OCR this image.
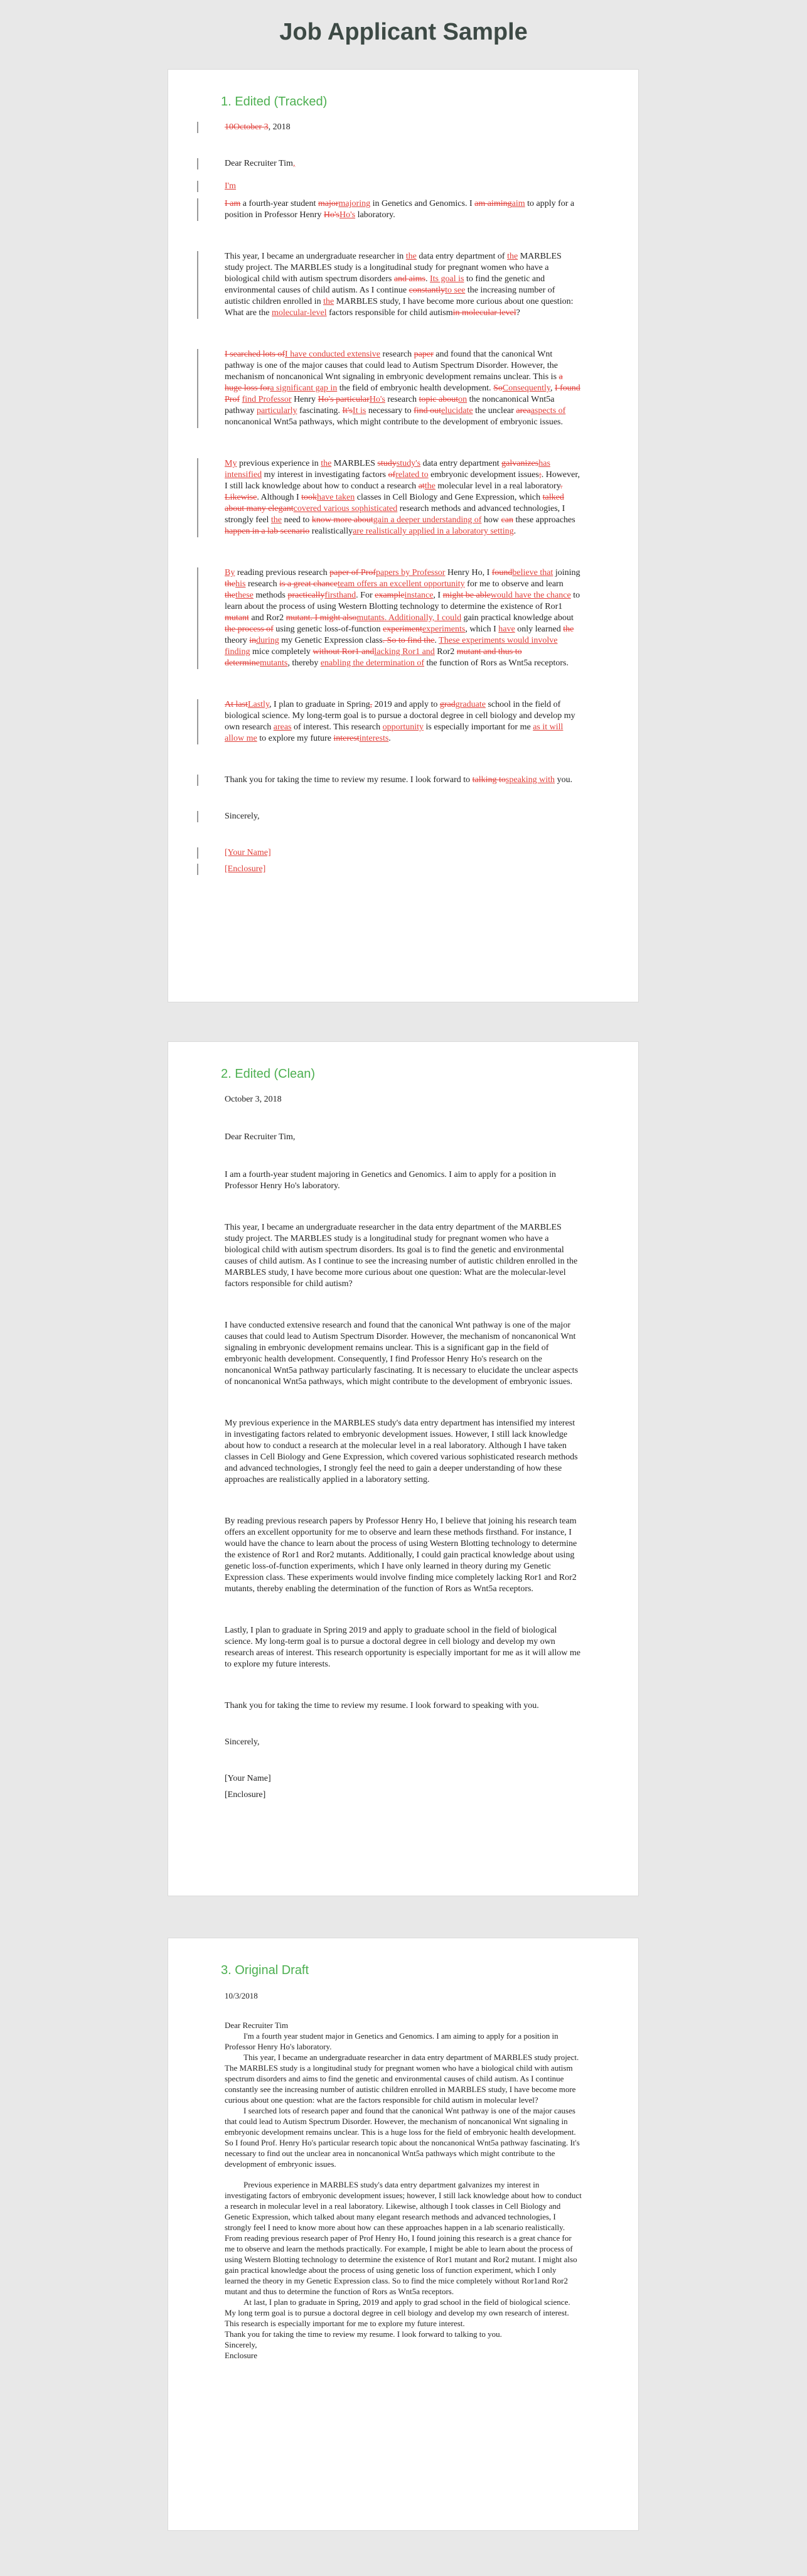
Job Applicant Sample
1. Edited (Tracked)

10October 3, 2018

Dear Recruiter Tim,

I'm

I am a fourth-year student majormajoring in Genetics and Genomics. I am aimingaim to apply for a position in Professor Henry Ho'sHo's laboratory.

This year, I became an undergraduate researcher in the data entry department of the MARBLES study project. The MARBLES study is a longitudinal study for pregnant women who have a biological child with autism spectrum disorders and aims. Its goal is to find the genetic and environmental causes of child autism. As I continue constantlyto see the increasing number of autistic children enrolled in the MARBLES study, I have become more curious about one question: What are the molecular-level factors responsible for child autismin molecular level?

I searched lots ofI have conducted extensive research paper and found that the canonical Wnt pathway is one of the major causes that could lead to Autism Spectrum Disorder. However, the mechanism of noncanonical Wnt signaling in embryonic development remains unclear. This is a huge loss fora significant gap in the field of embryonic health development. SoConsequently, I found Prof find Professor Henry Ho's particularHo's research topic abouton the noncanonical Wnt5a pathway particularly fascinating. It'sIt is necessary to find outelucidate the unclear areaaspects of noncanonical Wnt5a pathways, which might contribute to the development of embryonic issues.

My previous experience in the MARBLES studystudy's data entry department galvanizeshas intensified my interest in investigating factors ofrelated to embryonic development issues;. However, I still lack knowledge about how to conduct a research atthe molecular level in a real laboratory. Likewise. Although I tookhave taken classes in Cell Biology and Gene Expression, which talked about many elegantcovered various sophisticated research methods and advanced technologies, I strongly feel the need to know more aboutgain a deeper understanding of how can these approaches happen in a lab scenario realisticallyare realistically applied in a laboratory setting.

By reading previous research paper of Profpapers by Professor Henry Ho, I foundbelieve that joining thehis research is a great chanceteam offers an excellent opportunity for me to observe and learn thethese methods practicallyfirsthand. For exampleinstance, I might be ablewould have the chance to learn about the process of using Western Blotting technology to determine the existence of Ror1 mutant and Ror2 mutant. I might alsomutants. Additionally, I could gain practical knowledge about the process of using genetic loss-of-function experimentexperiments, which I have only learned the theory induring my Genetic Expression class. So to find the. These experiments would involve finding mice completely without Ror1 andlacking Ror1 and Ror2 mutant and thus to determinemutants, thereby enabling the determination of the function of Rors as Wnt5a receptors.

At lastLastly, I plan to graduate in Spring, 2019 and apply to gradgraduate school in the field of biological science. My long-term goal is to pursue a doctoral degree in cell biology and develop my own research areas of interest. This research opportunity is especially important for me as it will allow me to explore my future interestinterests.

Thank you for taking the time to review my resume. I look forward to talking tospeaking with you.

Sincerely,

[Your Name]

[Enclosure]

2. Edited (Clean)

October 3, 2018

Dear Recruiter Tim,

I am a fourth-year student majoring in Genetics and Genomics. I aim to apply for a position in Professor Henry Ho's laboratory.

This year, I became an undergraduate researcher in the data entry department of the MARBLES study project. The MARBLES study is a longitudinal study for pregnant women who have a biological child with autism spectrum disorders. Its goal is to find the genetic and environmental causes of child autism. As I continue to see the increasing number of autistic children enrolled in the MARBLES study, I have become more curious about one question: What are the molecular-level factors responsible for child autism?

I have conducted extensive research and found that the canonical Wnt pathway is one of the major causes that could lead to Autism Spectrum Disorder. However, the mechanism of noncanonical Wnt signaling in embryonic development remains unclear. This is a significant gap in the field of embryonic health development. Consequently, I find Professor Henry Ho's research on the noncanonical Wnt5a pathway particularly fascinating. It is necessary to elucidate the unclear aspects of noncanonical Wnt5a pathways, which might contribute to the development of embryonic issues.

My previous experience in the MARBLES study's data entry department has intensified my interest in investigating factors related to embryonic development issues. However, I still lack knowledge about how to conduct a research at the molecular level in a real laboratory. Although I have taken classes in Cell Biology and Gene Expression, which covered various sophisticated research methods and advanced technologies, I strongly feel the need to gain a deeper understanding of how these approaches are realistically applied in a laboratory setting.

By reading previous research papers by Professor Henry Ho, I believe that joining his research team offers an excellent opportunity for me to observe and learn these methods firsthand. For instance, I would have the chance to learn about the process of using Western Blotting technology to determine the existence of Ror1 and Ror2 mutants. Additionally, I could gain practical knowledge about using genetic loss-of-function experiments, which I have only learned in theory during my Genetic Expression class. These experiments would involve finding mice completely lacking Ror1 and Ror2 mutants, thereby enabling the determination of the function of Rors as Wnt5a receptors.

Lastly, I plan to graduate in Spring 2019 and apply to graduate school in the field of biological science. My long-term goal is to pursue a doctoral degree in cell biology and develop my own research areas of interest. This research opportunity is especially important for me as it will allow me to explore my future interests.

Thank you for taking the time to review my resume. I look forward to speaking with you.

Sincerely,

[Your Name]

[Enclosure]

3. Original Draft

10/3/2018

Dear Recruiter Tim

I'm a fourth year student major in Genetics and Genomics. I am aiming to apply for a position in Professor Henry Ho's laboratory.

This year, I became an undergraduate researcher in data entry department of MARBLES study project. The MARBLES study is a longitudinal study for pregnant women who have a biological child with autism spectrum disorders and aims to find the genetic and environmental causes of child autism. As I continue constantly see the increasing number of autistic children enrolled in MARBLES study, I have become more curious about one question: what are the factors responsible for child autism in molecular level?

I searched lots of research paper and found that the canonical Wnt pathway is one of the major causes that could lead to Autism Spectrum Disorder. However, the mechanism of noncanonical Wnt signaling in embryonic development remains unclear. This is a huge loss for the field of embryonic health development. So I found Prof. Henry Ho's particular research topic about the noncanonical Wnt5a pathway fascinating. It's necessary to find out the unclear area in noncanonical Wnt5a pathways which might contribute to the development of embryonic issues.

Previous experience in MARBLES study's data entry department galvanizes my interest in investigating factors of embryonic development issues; however, I still lack knowledge about how to conduct a research in molecular level in a real laboratory. Likewise, although I took classes in Cell Biology and Genetic Expression, which talked about many elegant research methods and advanced technologies, I strongly feel I need to know more about how can these approaches happen in a lab scenario realistically. From reading previous research paper of Prof Henry Ho, I found joining this research is a great chance for me to observe and learn the methods practically. For example, I might be able to learn about the process of using Western Blotting technology to determine the existence of Ror1 mutant and Ror2 mutant. I might also gain practical knowledge about the process of using genetic loss of function experiment, which I only learned the theory in my Genetic Expression class. So to find the mice completely without Ror1and Ror2 mutant and thus to determine the function of Rors as Wnt5a receptors.

At last, I plan to graduate in Spring, 2019 and apply to grad school in the field of biological science. My long term goal is to pursue a doctoral degree in cell biology and develop my own research of interest. This research is especially important for me to explore my future interest.

Thank you for taking the time to review my resume. I look forward to talking to you.

Sincerely,

Enclosure
